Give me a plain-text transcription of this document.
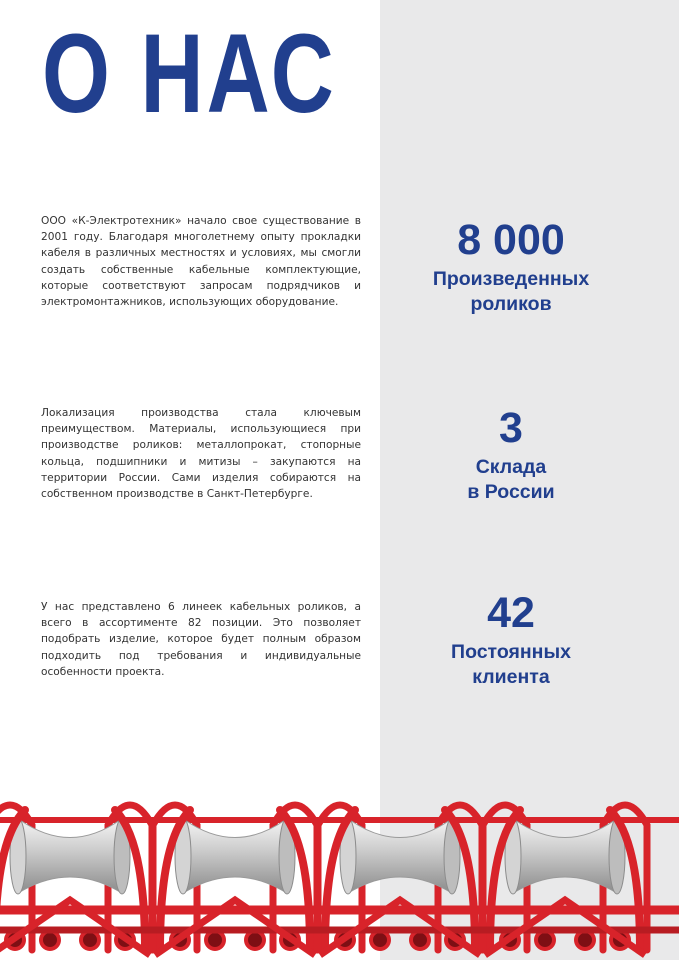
О НАС

ООО «К-Электротехник» начало свое существование в 2001 году. Благодаря многолетнему опыту прокладки кабеля в различных местностях и условиях, мы смогли создать собственные кабельные комплектующие, которые соответствуют запросам подрядчиков и электромонтажников, использующих оборудование.

Локализация производства стала ключевым преимуществом. Материалы, использующиеся при производстве роликов: металлопрокат, стопорные кольца, подшипники и митизы – закупаются на территории России. Сами изделия собираются на собственном производстве в Санкт-Петербурге.

У нас представлено 6 линеек кабельных роликов, а всего в ассортименте 82 позиции. Это позволяет подобрать изделие, которое будет полным образом подходить под требования и индивидуальные особенности проекта.

8 000
Произведенных
роликов
3
Склада
в России
42
Постоянных
клиента
